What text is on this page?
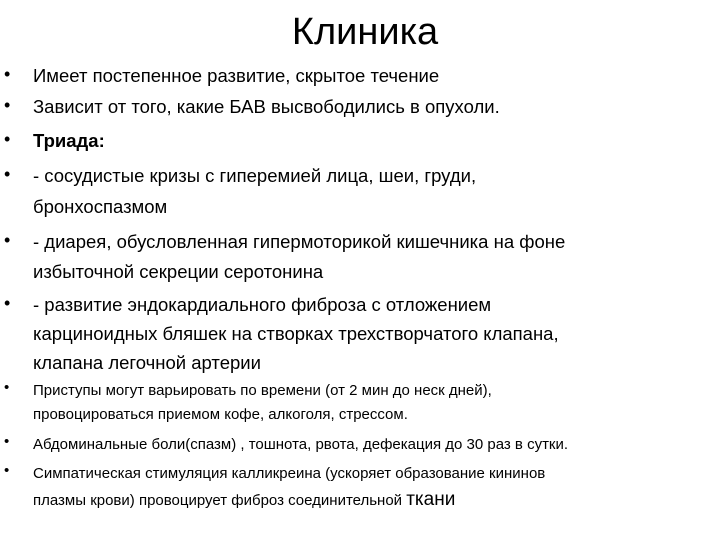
Клиника
• Имеет постепенное развитие, скрытое течение
• Зависит от того, какие БАВ высвободились в опухоли.
• Триада:
• - сосудистые кризы с гиперемией лица, шеи, груди,
бронхоспазмом
• - диарея, обусловленная гипермоторикой кишечника на фоне
избыточной секреции серотонина
• - развитие эндокардиального фиброза с отложением
карциноидных бляшек на створках трехстворчатого клапана,
клапана легочной артерии
• Приступы могут варьировать по времени (от 2 мин до неск дней),
провоцироваться приемом кофе, алкоголя, стрессом.
• Абдоминальные боли(спазм) , тошнота, рвота, дефекация до 30 раз в сутки.
• Симпатическая стимуляция калликреина (ускоряет образование кининов
плазмы крови) провоцирует фиброз соединительной ткани
